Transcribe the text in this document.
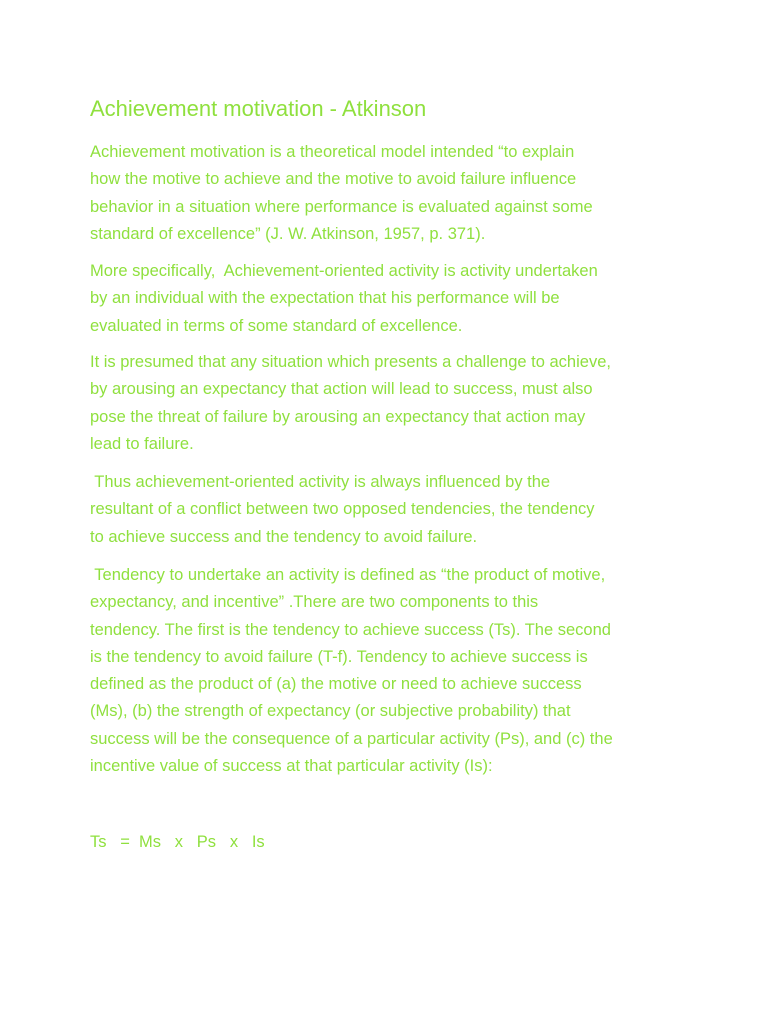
Achievement motivation - Atkinson

Achievement motivation is a theoretical model intended “to explain
how the motive to achieve and the motive to avoid failure influence
behavior in a situation where performance is evaluated against some
standard of excellence” (J. W. Atkinson, 1957, p. 371).

More specifically,  Achievement-oriented activity is activity undertaken
by an individual with the expectation that his performance will be
evaluated in terms of some standard of excellence.

It is presumed that any situation which presents a challenge to achieve,
by arousing an expectancy that action will lead to success, must also
pose the threat of failure by arousing an expectancy that action may
lead to failure.

Thus achievement-oriented activity is always influenced by the
resultant of a conflict between two opposed tendencies, the tendency
to achieve success and the tendency to avoid failure.

Tendency to undertake an activity is defined as “the product of motive,
expectancy, and incentive” .There are two components to this
tendency. The first is the tendency to achieve success (Ts). The second
is the tendency to avoid failure (T-f). Tendency to achieve success is
defined as the product of (a) the motive or need to achieve success
(Ms), (b) the strength of expectancy (or subjective probability) that
success will be the consequence of a particular activity (Ps), and (c) the
incentive value of success at that particular activity (Is):

Ts   =  Ms   x   Ps   x   Is
